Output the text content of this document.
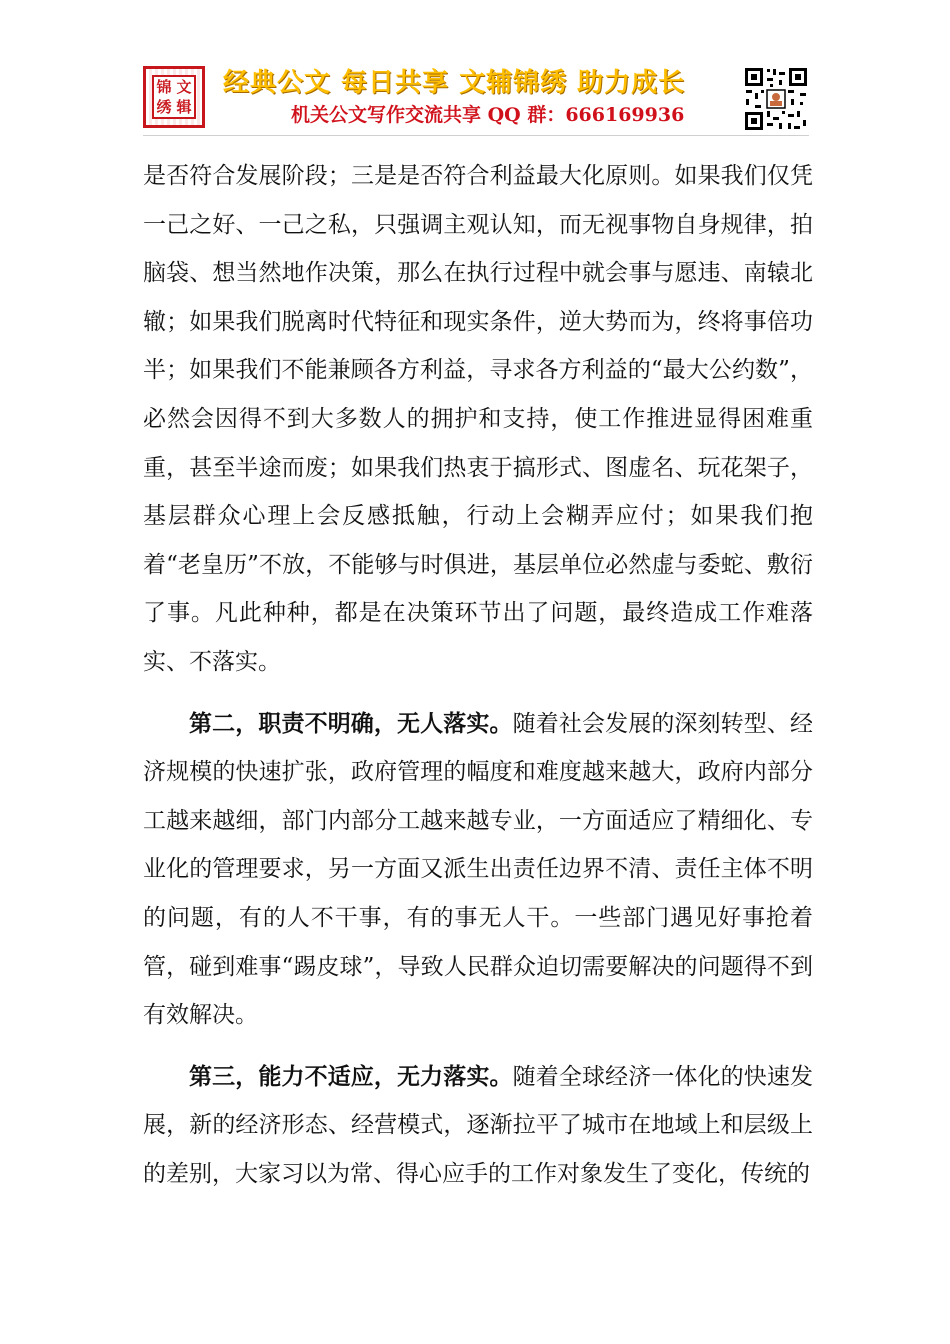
锦 文
绣 辑
经典公文 每日共享 文辅锦绣 助力成长
机关公文写作交流共享 QQ 群：666169936

是否符合发展阶段；三是是否符合利益最大化原则。如果我们仅凭一己之好、一己之私，只强调主观认知，而无视事物自身规律，拍脑袋、想当然地作决策，那么在执行过程中就会事与愿违、南辕北辙；如果我们脱离时代特征和现实条件，逆大势而为，终将事倍功半；如果我们不能兼顾各方利益，寻求各方利益的“最大公约数”，必然会因得不到大多数人的拥护和支持，使工作推进显得困难重重，甚至半途而废；如果我们热衷于搞形式、图虚名、玩花架子，基层群众心理上会反感抵触，行动上会糊弄应付；如果我们抱着“老皇历”不放，不能够与时俱进，基层单位必然虚与委蛇、敷衍了事。凡此种种，都是在决策环节出了问题，最终造成工作难落实、不落实。

第二，职责不明确，无人落实。随着社会发展的深刻转型、经济规模的快速扩张，政府管理的幅度和难度越来越大，政府内部分工越来越细，部门内部分工越来越专业，一方面适应了精细化、专业化的管理要求，另一方面又派生出责任边界不清、责任主体不明的问题，有的人不干事，有的事无人干。一些部门遇见好事抢着管，碰到难事“踢皮球”，导致人民群众迫切需要解决的问题得不到有效解决。

第三，能力不适应，无力落实。随着全球经济一体化的快速发展，新的经济形态、经营模式，逐渐拉平了城市在地域上和层级上的差别，大家习以为常、得心应手的工作对象发生了变化，传统的
